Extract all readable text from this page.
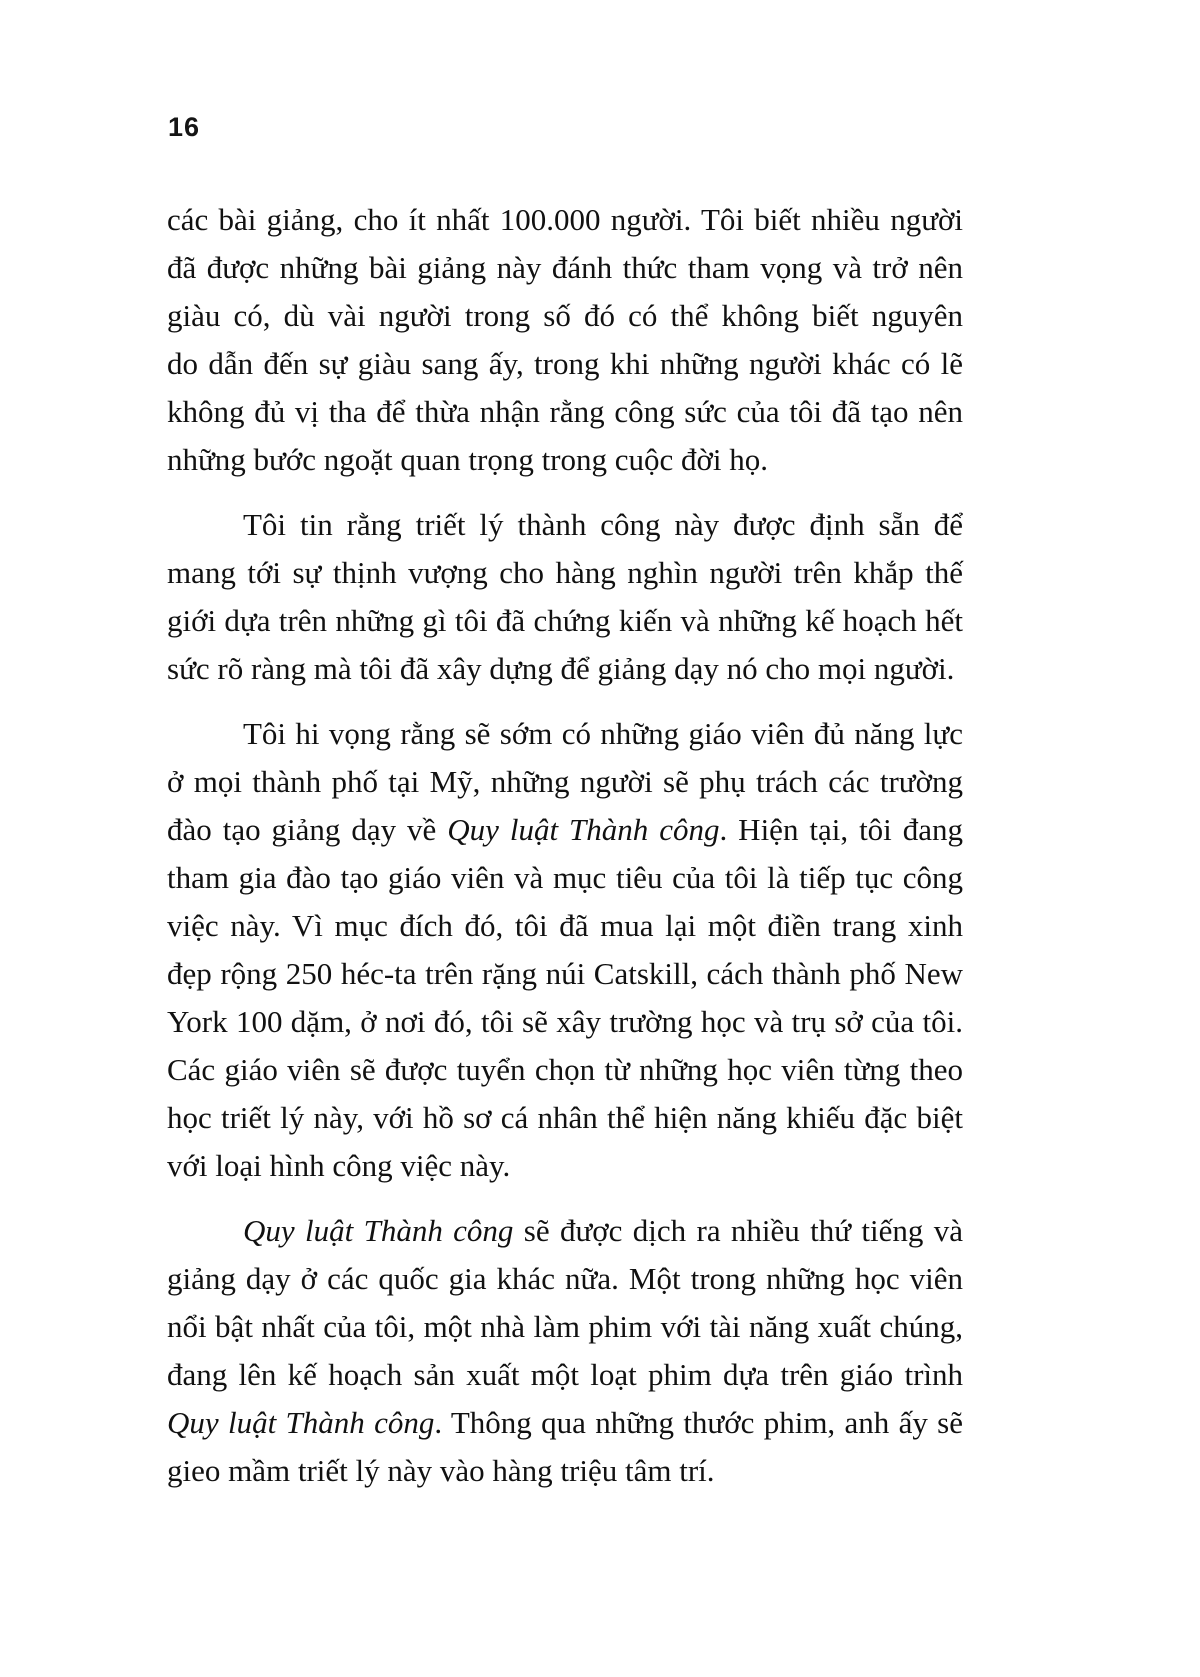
16
các bài giảng, cho ít nhất 100.000 người. Tôi biết nhiều người
đã được những bài giảng này đánh thức tham vọng và trở nên
giàu có, dù vài người trong số đó có thể không biết nguyên
do dẫn đến sự giàu sang ấy, trong khi những người khác có lẽ
không đủ vị tha để thừa nhận rằng công sức của tôi đã tạo nên
những bước ngoặt quan trọng trong cuộc đời họ.
Tôi tin rằng triết lý thành công này được định sẵn để
mang tới sự thịnh vượng cho hàng nghìn người trên khắp thế
giới dựa trên những gì tôi đã chứng kiến và những kế hoạch hết
sức rõ ràng mà tôi đã xây dựng để giảng dạy nó cho mọi người.
Tôi hi vọng rằng sẽ sớm có những giáo viên đủ năng lực
ở mọi thành phố tại Mỹ, những người sẽ phụ trách các trường
đào tạo giảng dạy về Quy luật Thành công. Hiện tại, tôi đang
tham gia đào tạo giáo viên và mục tiêu của tôi là tiếp tục công
việc này. Vì mục đích đó, tôi đã mua lại một điền trang xinh
đẹp rộng 250 héc-ta trên rặng núi Catskill, cách thành phố New
York 100 dặm, ở nơi đó, tôi sẽ xây trường học và trụ sở của tôi.
Các giáo viên sẽ được tuyển chọn từ những học viên từng theo
học triết lý này, với hồ sơ cá nhân thể hiện năng khiếu đặc biệt
với loại hình công việc này.
Quy luật Thành công sẽ được dịch ra nhiều thứ tiếng và
giảng dạy ở các quốc gia khác nữa. Một trong những học viên
nổi bật nhất của tôi, một nhà làm phim với tài năng xuất chúng,
đang lên kế hoạch sản xuất một loạt phim dựa trên giáo trình
Quy luật Thành công. Thông qua những thước phim, anh ấy sẽ
gieo mầm triết lý này vào hàng triệu tâm trí.
